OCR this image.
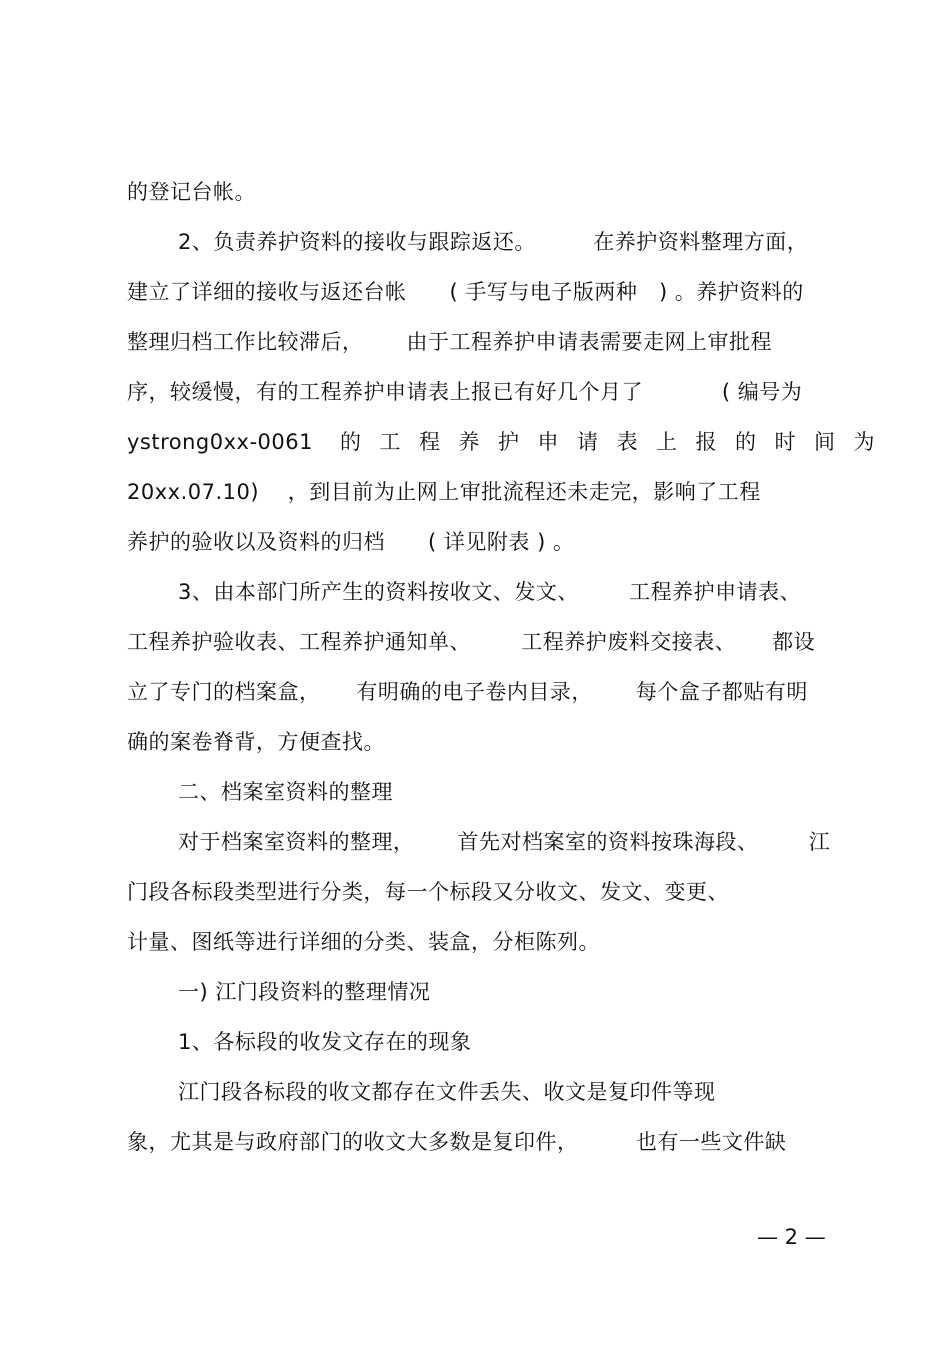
的登记台帐。
2、负责养护资料的接收与跟踪返还。        在养护资料整理方面，
建立了详细的接收与返还台帐      ( 手写与电子版两种   ) 。养护资料的
整理归档工作比较滞后，      由于工程养护申请表需要走网上审批程
序，较缓慢，有的工程养护申请表上报已有好几个月了           ( 编号为
ystrong0xx-0061 的工程养护申请表上报的时间为
20xx.07.10)    ，到目前为止网上审批流程还未走完，影响了工程
养护的验收以及资料的归档      ( 详见附表 ) 。
3、由本部门所产生的资料按收文、发文、       工程养护申请表、
工程养护验收表、工程养护通知单、       工程养护废料交接表、     都设
立了专门的档案盒，     有明确的电子卷内目录，      每个盒子都贴有明
确的案卷脊背，方便查找。
二、档案室资料的整理
对于档案室资料的整理，      首先对档案室的资料按珠海段、       江
门段各标段类型进行分类，每一个标段又分收文、发文、变更、
计量、图纸等进行详细的分类、装盒，分柜陈列。
一) 江门段资料的整理情况
1、各标段的收发文存在的现象
江门段各标段的收文都存在文件丢失、收文是复印件等现
象，尤其是与政府部门的收文大多数是复印件，        也有一些文件缺
— 2 —
